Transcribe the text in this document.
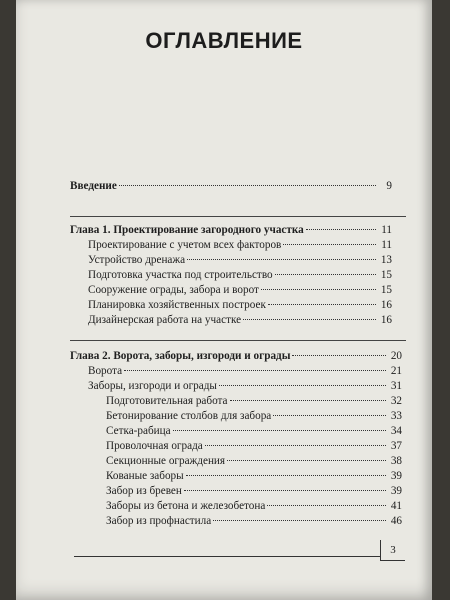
ОГЛАВЛЕНИЕ
Введение	9
Глава 1. Проектирование загородного участка	11
Проектирование с учетом всех факторов	11
Устройство дренажа	13
Подготовка участка под строительство	15
Сооружение ограды, забора и ворот	15
Планировка хозяйственных построек	16
Дизайнерская работа на участке	16
Глава 2. Ворота, заборы, изгороди и ограды	20
Ворота	21
Заборы, изгороди и ограды	31
Подготовительная работа	32
Бетонирование столбов для забора	33
Сетка-рабица	34
Проволочная ограда	37
Секционные ограждения	38
Кованые заборы	39
Забор из бревен	39
Заборы из бетона и железобетона	41
Забор из профнастила	46
3
